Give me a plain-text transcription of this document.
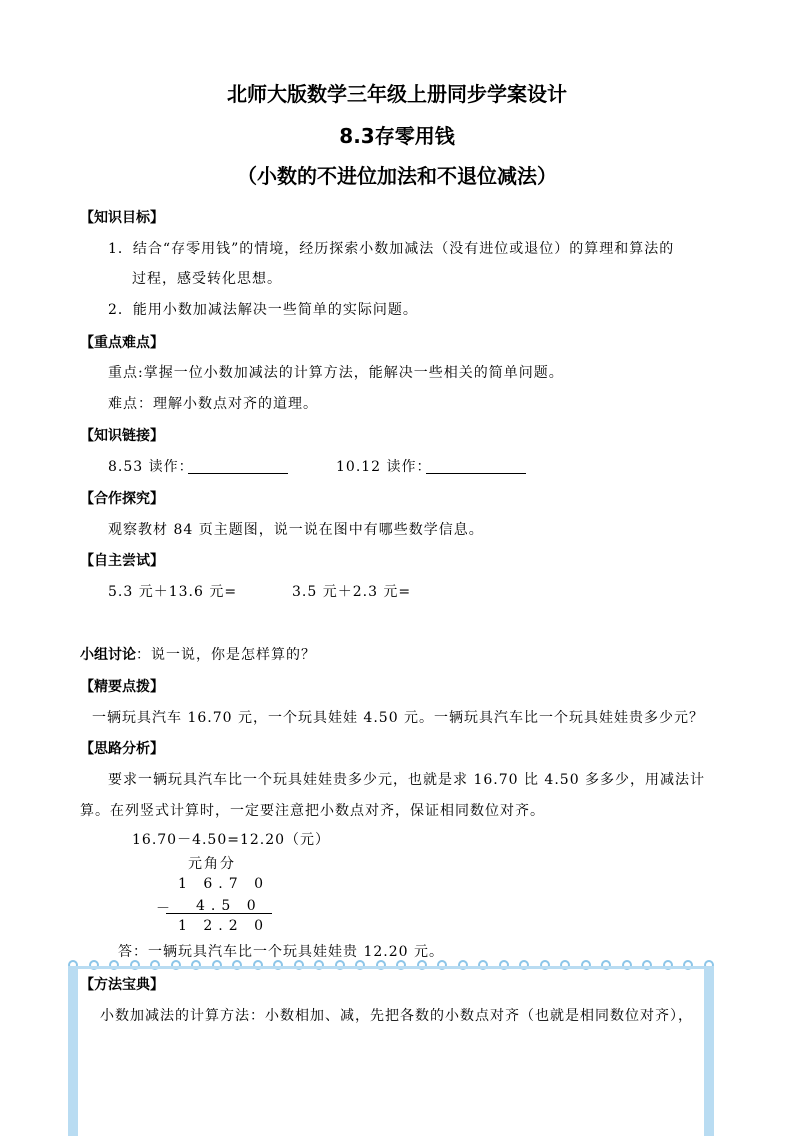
北师大版数学三年级上册同步学案设计
8.3存零用钱
（小数的不进位加法和不退位减法）
【知识目标】
1．结合“存零用钱”的情境，经历探索小数加减法（没有进位或退位）的算理和算法的
过程，感受转化思想。
2．能用小数加减法解决一些简单的实际问题。
【重点难点】
重点:掌握一位小数加减法的计算方法，能解决一些相关的简单问题。
难点：理解小数点对齐的道理。
【知识链接】
8.53 读作：	10.12 读作：
【合作探究】
观察教材 84 页主题图，说一说在图中有哪些数学信息。
【自主尝试】
5.3 元＋13.6 元=	3.5 元＋2.3 元=
小组讨论：说一说，你是怎样算的？
【精要点拨】
一辆玩具汽车 16.70 元，一个玩具娃娃 4.50 元。一辆玩具汽车比一个玩具娃娃贵多少元？
【思路分析】
要求一辆玩具汽车比一个玩具娃娃贵多少元，也就是求 16.70 比 4.50 多多少，用减法计
算。在列竖式计算时，一定要注意把小数点对齐，保证相同数位对齐。
16.70－4.50=12.20（元）
元角分
1 6.7 0
－ 4.5 0
1 2.2 0
答：一辆玩具汽车比一个玩具娃娃贵 12.20 元。
【方法宝典】
小数加减法的计算方法：小数相加、减，先把各数的小数点对齐（也就是相同数位对齐），
